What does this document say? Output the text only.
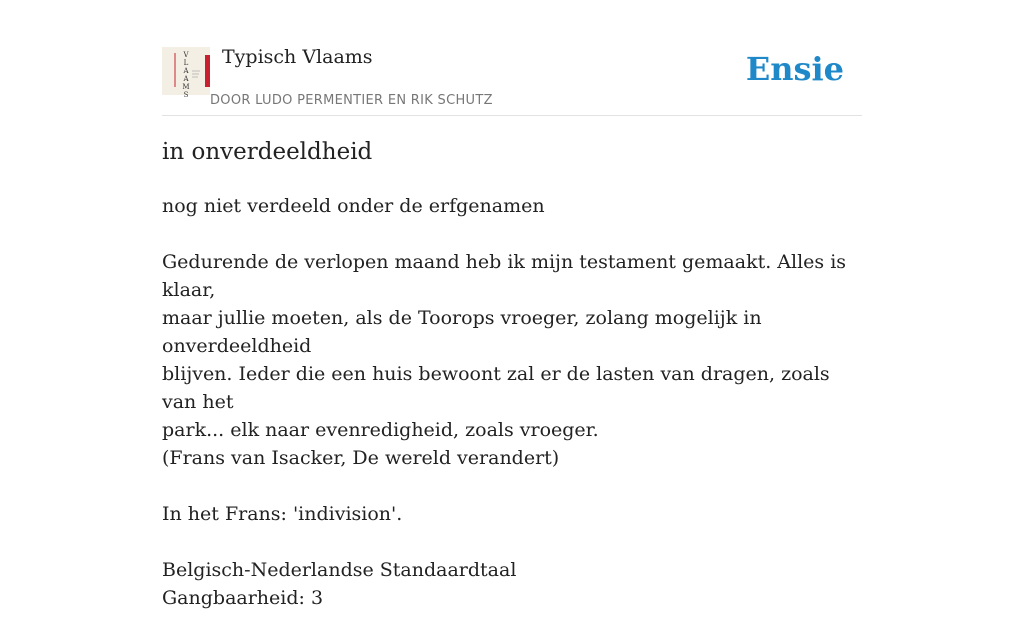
V
L
A
A
M
S
Typisch Vlaams
DOOR LUDO PERMENTIER EN RIK SCHUTZ
Ensie
in onverdeeldheid

nog niet verdeeld onder de erfgenamen

Gedurende de verlopen maand heb ik mijn testament gemaakt. Alles is klaar,
maar jullie moeten, als de Toorops vroeger, zolang mogelijk in onverdeeldheid
blijven. Ieder die een huis bewoont zal er de lasten van dragen, zoals van het
park... elk naar evenredigheid, zoals vroeger.
(Frans van Isacker, De wereld verandert)

In het Frans: 'indivision'.

Belgisch-Nederlandse Standaardtaal
Gangbaarheid: 3
